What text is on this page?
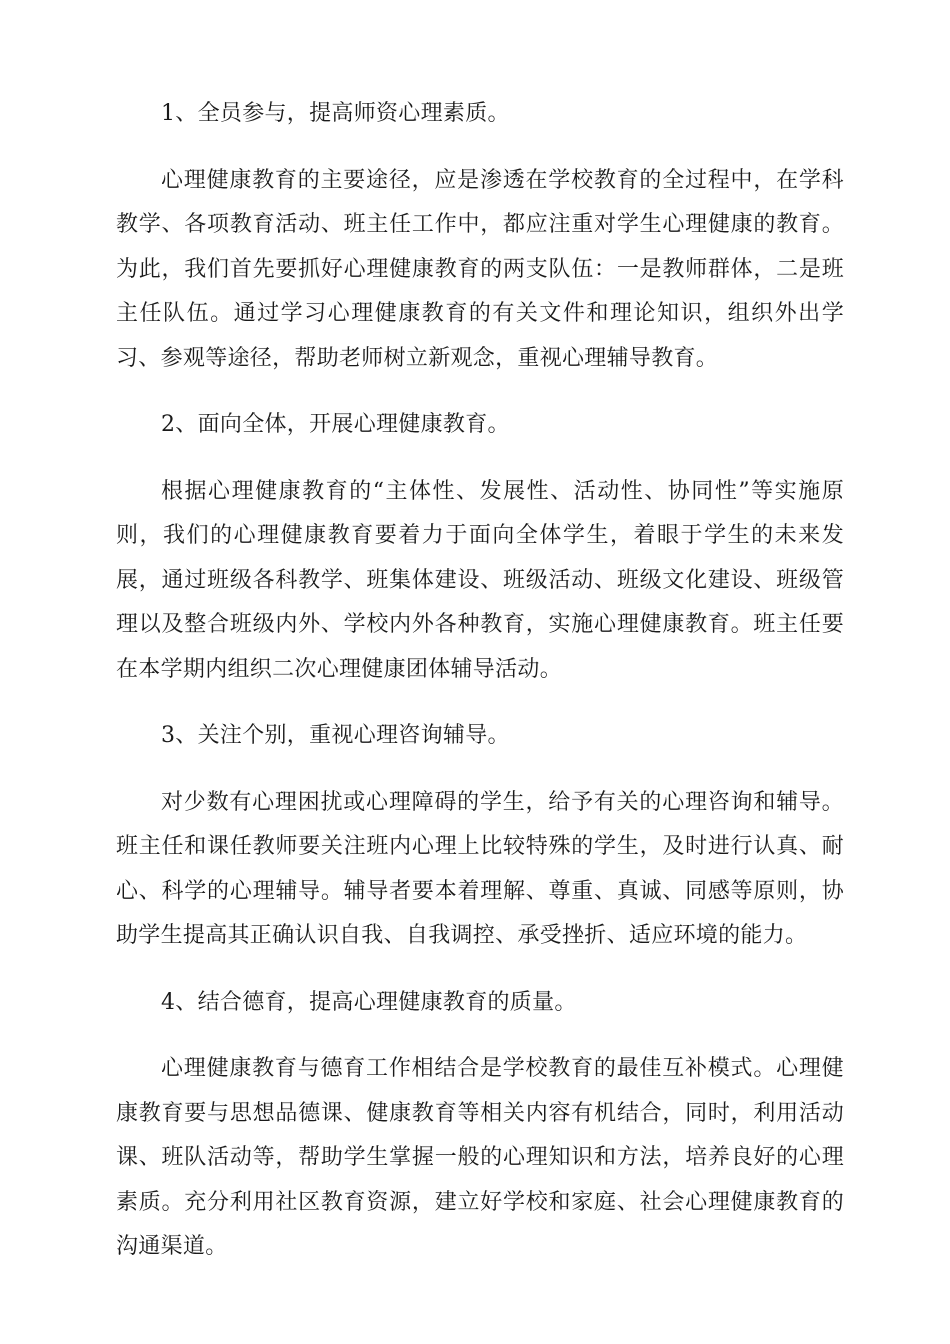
1、全员参与，提高师资心理素质。

心理健康教育的主要途径，应是渗透在学校教育的全过程中，在学科教学、各项教育活动、班主任工作中，都应注重对学生心理健康的教育。为此，我们首先要抓好心理健康教育的两支队伍：一是教师群体，二是班主任队伍。通过学习心理健康教育的有关文件和理论知识，组织外出学习、参观等途径，帮助老师树立新观念，重视心理辅导教育。

2、面向全体，开展心理健康教育。

根据心理健康教育的“主体性、发展性、活动性、协同性”等实施原则，我们的心理健康教育要着力于面向全体学生，着眼于学生的未来发展，通过班级各科教学、班集体建设、班级活动、班级文化建设、班级管理以及整合班级内外、学校内外各种教育，实施心理健康教育。班主任要在本学期内组织二次心理健康团体辅导活动。

3、关注个别，重视心理咨询辅导。

对少数有心理困扰或心理障碍的学生，给予有关的心理咨询和辅导。班主任和课任教师要关注班内心理上比较特殊的学生，及时进行认真、耐心、科学的心理辅导。辅导者要本着理解、尊重、真诚、同感等原则，协助学生提高其正确认识自我、自我调控、承受挫折、适应环境的能力。

4、结合德育，提高心理健康教育的质量。

心理健康教育与德育工作相结合是学校教育的最佳互补模式。心理健康教育要与思想品德课、健康教育等相关内容有机结合，同时，利用活动课、班队活动等，帮助学生掌握一般的心理知识和方法，培养良好的心理素质。充分利用社区教育资源，建立好学校和家庭、社会心理健康教育的沟通渠道。
